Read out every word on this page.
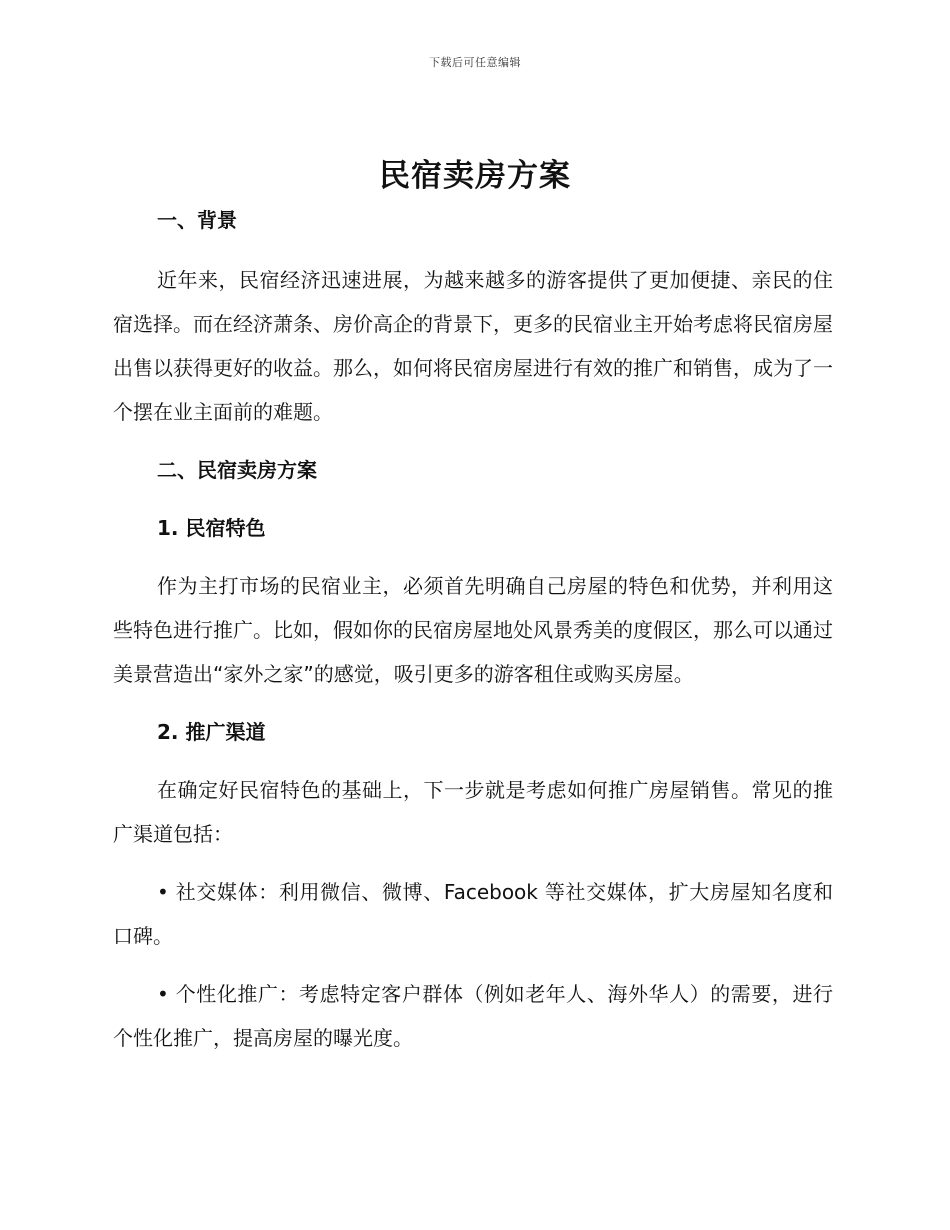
下载后可任意编辑
民宿卖房方案
一、背景

近年来，民宿经济迅速进展，为越来越多的游客提供了更加便捷、亲民的住宿选择。而在经济萧条、房价高企的背景下，更多的民宿业主开始考虑将民宿房屋出售以获得更好的收益。那么，如何将民宿房屋进行有效的推广和销售，成为了一个摆在业主面前的难题。

二、民宿卖房方案
1. 民宿特色

作为主打市场的民宿业主，必须首先明确自己房屋的特色和优势，并利用这些特色进行推广。比如，假如你的民宿房屋地处风景秀美的度假区，那么可以通过美景营造出“家外之家”的感觉，吸引更多的游客租住或购买房屋。

2. 推广渠道

在确定好民宿特色的基础上，下一步就是考虑如何推广房屋销售。常见的推广渠道包括：

• 社交媒体：利用微信、微博、Facebook 等社交媒体，扩大房屋知名度和口碑。

• 个性化推广：考虑特定客户群体（例如老年人、海外华人）的需要，进行个性化推广，提高房屋的曝光度。
